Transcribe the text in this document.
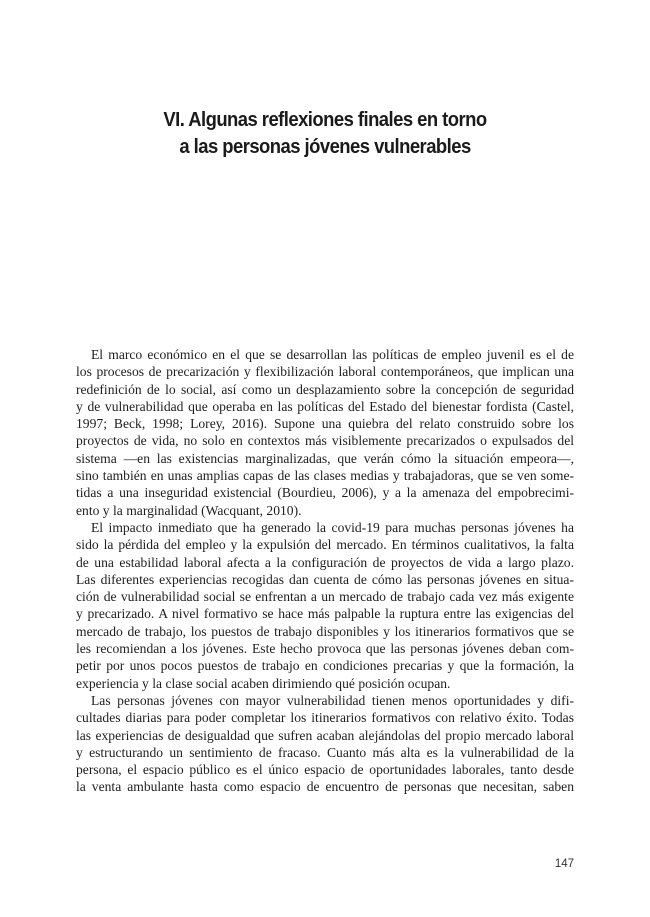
VI. Algunas reflexiones finales en torno
a las personas jóvenes vulnerables
El marco económico en el que se desarrollan las políticas de empleo juvenil es el de
los procesos de precarización y flexibilización laboral contemporáneos, que implican una
redefinición de lo social, así como un desplazamiento sobre la concepción de seguridad
y de vulnerabilidad que operaba en las políticas del Estado del bienestar fordista (Castel,
1997; Beck, 1998; Lorey, 2016). Supone una quiebra del relato construido sobre los
proyectos de vida, no solo en contextos más visiblemente precarizados o expulsados del
sistema —en las existencias marginalizadas, que verán cómo la situación empeora—,
sino también en unas amplias capas de las clases medias y trabajadoras, que se ven some-
tidas a una inseguridad existencial (Bourdieu, 2006), y a la amenaza del empobrecimi-
ento y la marginalidad (Wacquant, 2010).
El impacto inmediato que ha generado la covid-19 para muchas personas jóvenes ha
sido la pérdida del empleo y la expulsión del mercado. En términos cualitativos, la falta
de una estabilidad laboral afecta a la configuración de proyectos de vida a largo plazo.
Las diferentes experiencias recogidas dan cuenta de cómo las personas jóvenes en situa-
ción de vulnerabilidad social se enfrentan a un mercado de trabajo cada vez más exigente
y precarizado. A nivel formativo se hace más palpable la ruptura entre las exigencias del
mercado de trabajo, los puestos de trabajo disponibles y los itinerarios formativos que se
les recomiendan a los jóvenes. Este hecho provoca que las personas jóvenes deban com-
petir por unos pocos puestos de trabajo en condiciones precarias y que la formación, la
experiencia y la clase social acaben dirimiendo qué posición ocupan.
Las personas jóvenes con mayor vulnerabilidad tienen menos oportunidades y difi-
cultades diarias para poder completar los itinerarios formativos con relativo éxito. Todas
las experiencias de desigualdad que sufren acaban alejándolas del propio mercado laboral
y estructurando un sentimiento de fracaso. Cuanto más alta es la vulnerabilidad de la
persona, el espacio público es el único espacio de oportunidades laborales, tanto desde
la venta ambulante hasta como espacio de encuentro de personas que necesitan, saben
147
